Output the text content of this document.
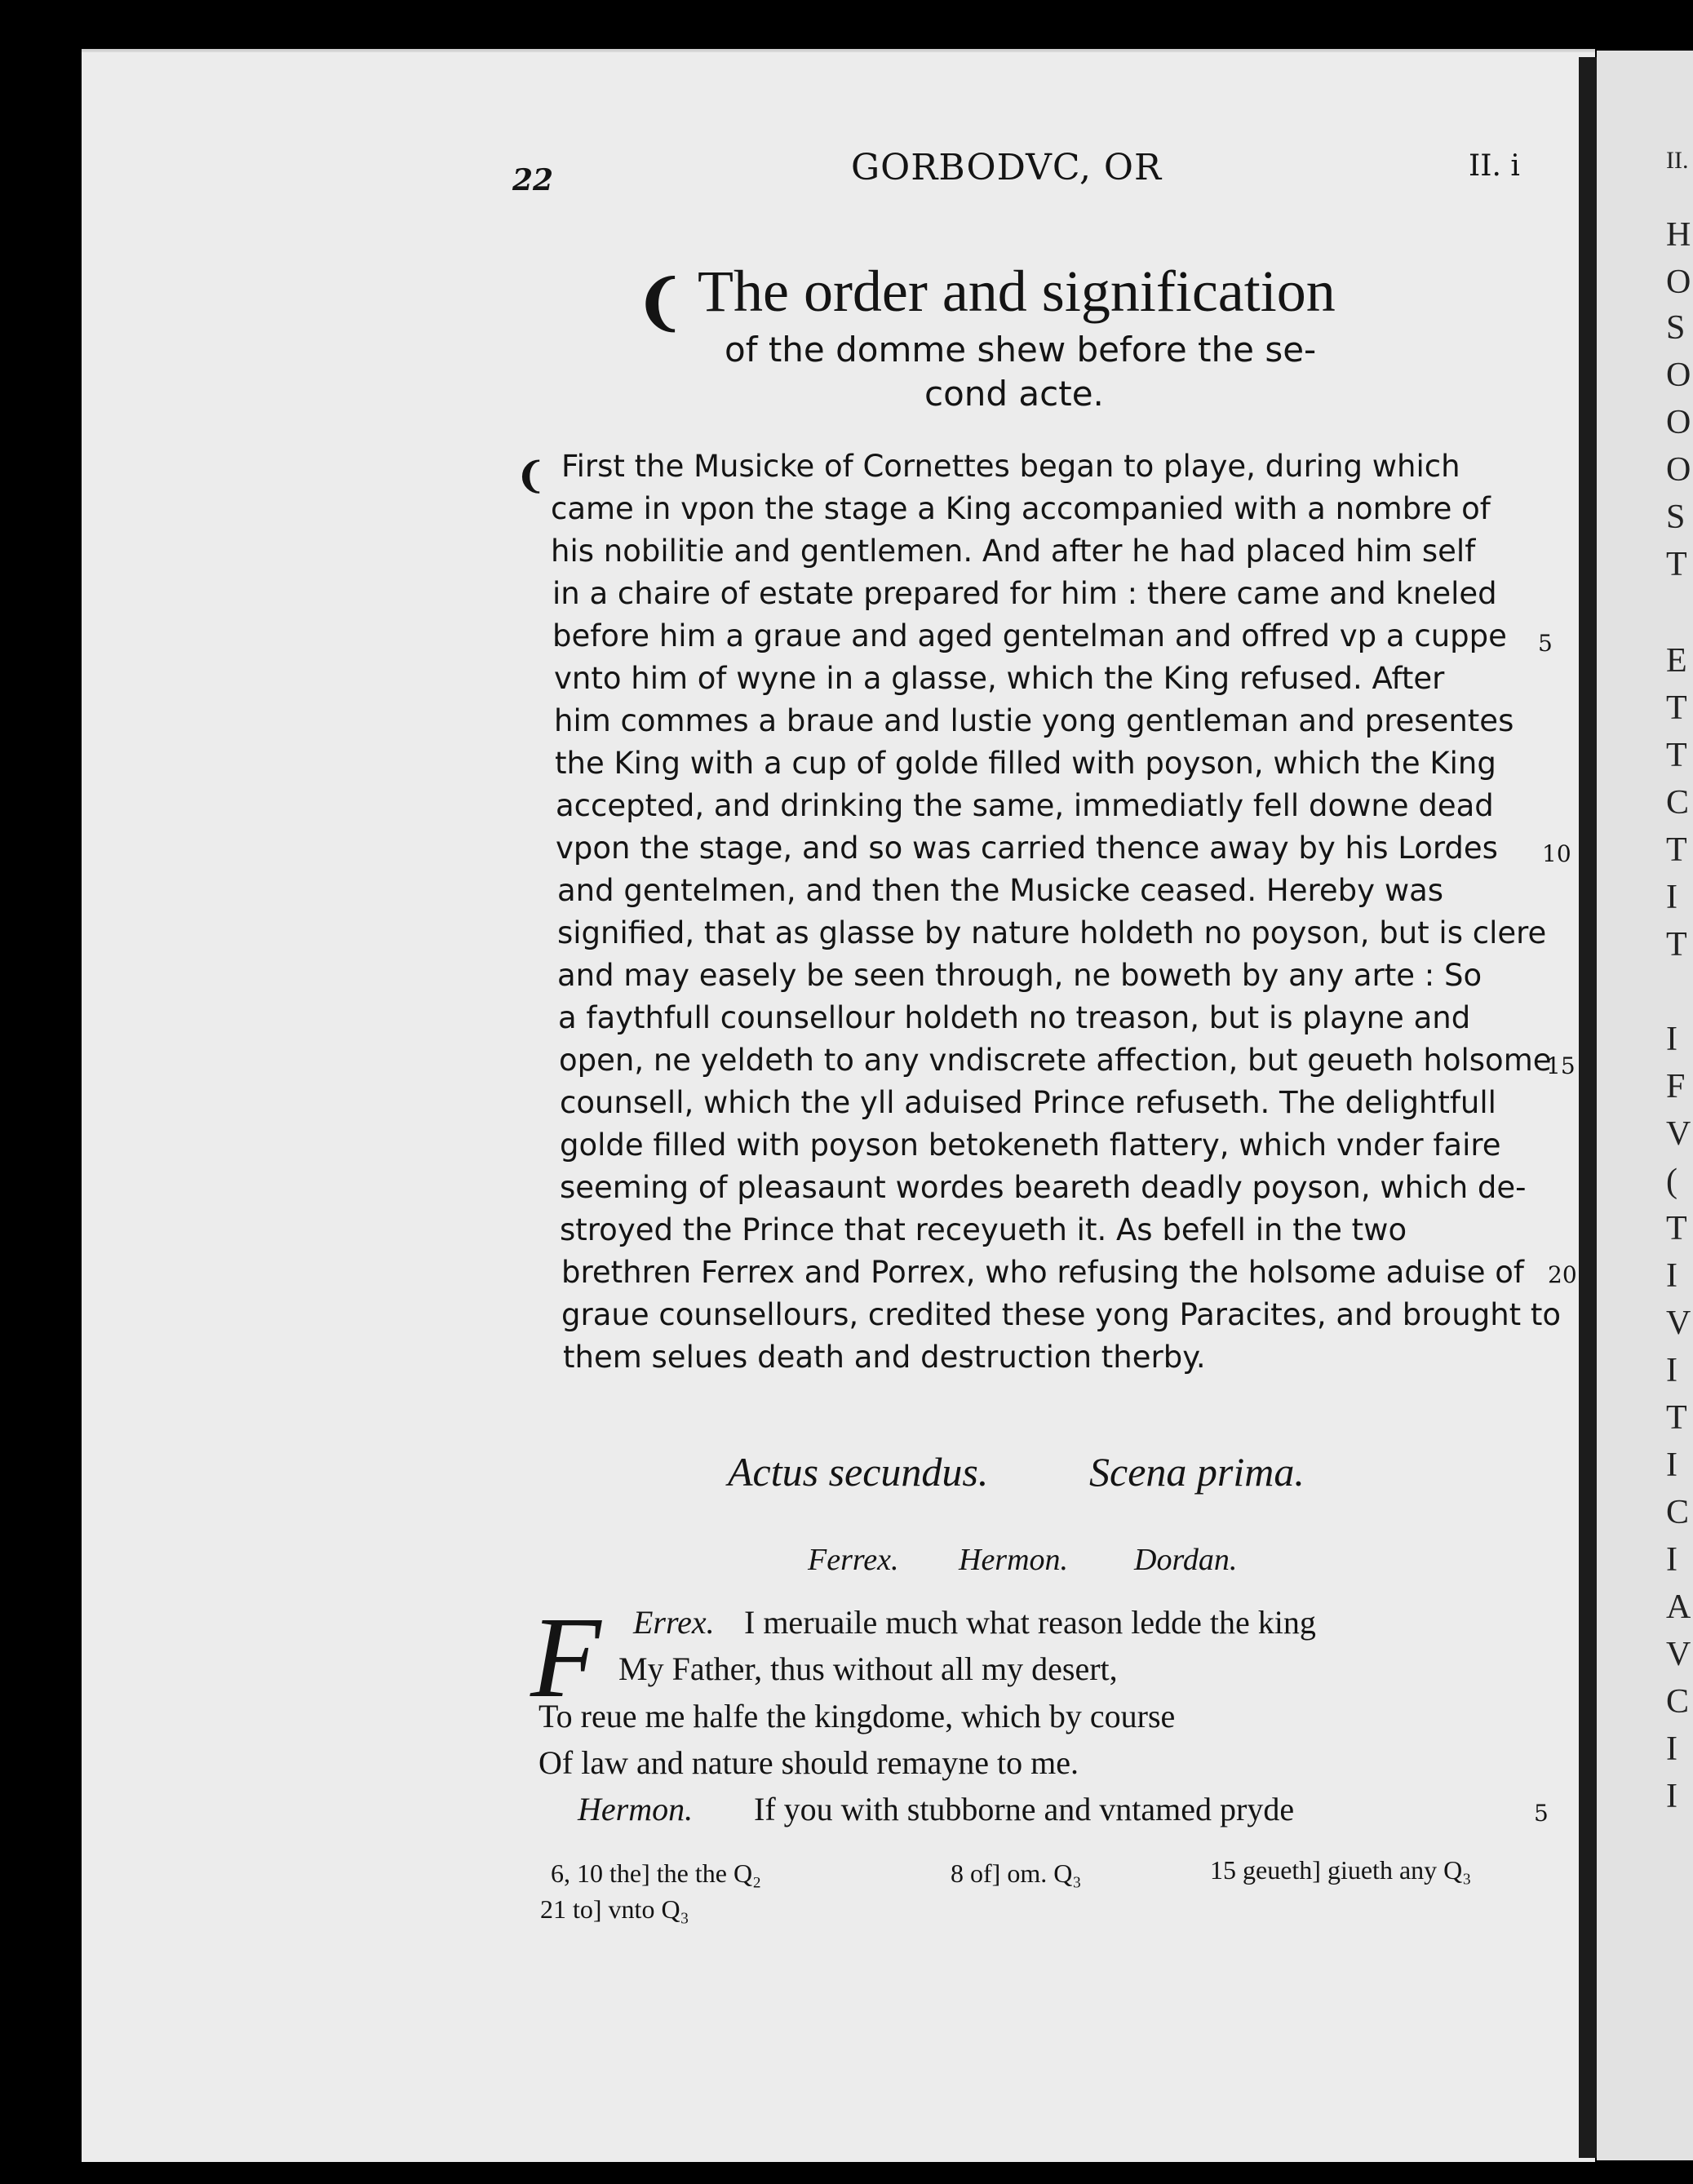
22	GORBODVC, OR	II. i
❨ The order and signification
of the domme shew before the se-
cond acte.
❨ First the Musicke of Cornettes began to playe, during which
came in vpon the stage a King accompanied with a nombre of
his nobilitie and gentlemen. And after he had placed him self
in a chaire of estate prepared for him : there came and kneled
before him a graue and aged gentelman and offred vp a cuppe
vnto him of wyne in a glasse, which the King refused. After
him commes a braue and lustie yong gentleman and presentes
the King with a cup of golde filled with poyson, which the King
accepted, and drinking the same, immediatly fell downe dead
vpon the stage, and so was carried thence away by his Lordes
and gentelmen, and then the Musicke ceased. Hereby was
signified, that as glasse by nature holdeth no poyson, but is clere
and may easely be seen through, ne boweth by any arte : So
a faythfull counsellour holdeth no treason, but is playne and
open, ne yeldeth to any vndiscrete affection, but geueth holsome
counsell, which the yll aduised Prince refuseth. The delightfull
golde filled with poyson betokeneth flattery, which vnder faire
seeming of pleasaunt wordes beareth deadly poyson, which de-
stroyed the Prince that receyueth it. As befell in the two
brethren Ferrex and Porrex, who refusing the holsome aduise of
graue counsellours, credited these yong Paracites, and brought to
them selues death and destruction therby.
5
10
15
20
Actus secundus. Scena prima.
Ferrex. Hermon. Dordan.
F Errex. I meruaile much what reason ledde the king
My Father, thus without all my desert,
To reue me halfe the kingdome, which by course
Of law and nature should remayne to me.
Hermon. If you with stubborne and vntamed pryde	5
6, 10 the] the the Q₂	8 of] om. Q₃	15 geueth] giueth any Q₃
21 to] vnto Q₃
II.
H
O
S
O
O
O
S
T
E
T
T
C
T
I
T
I
F
V
(
T
I
V
I
T
I
C
I
A
V
C
I
I
